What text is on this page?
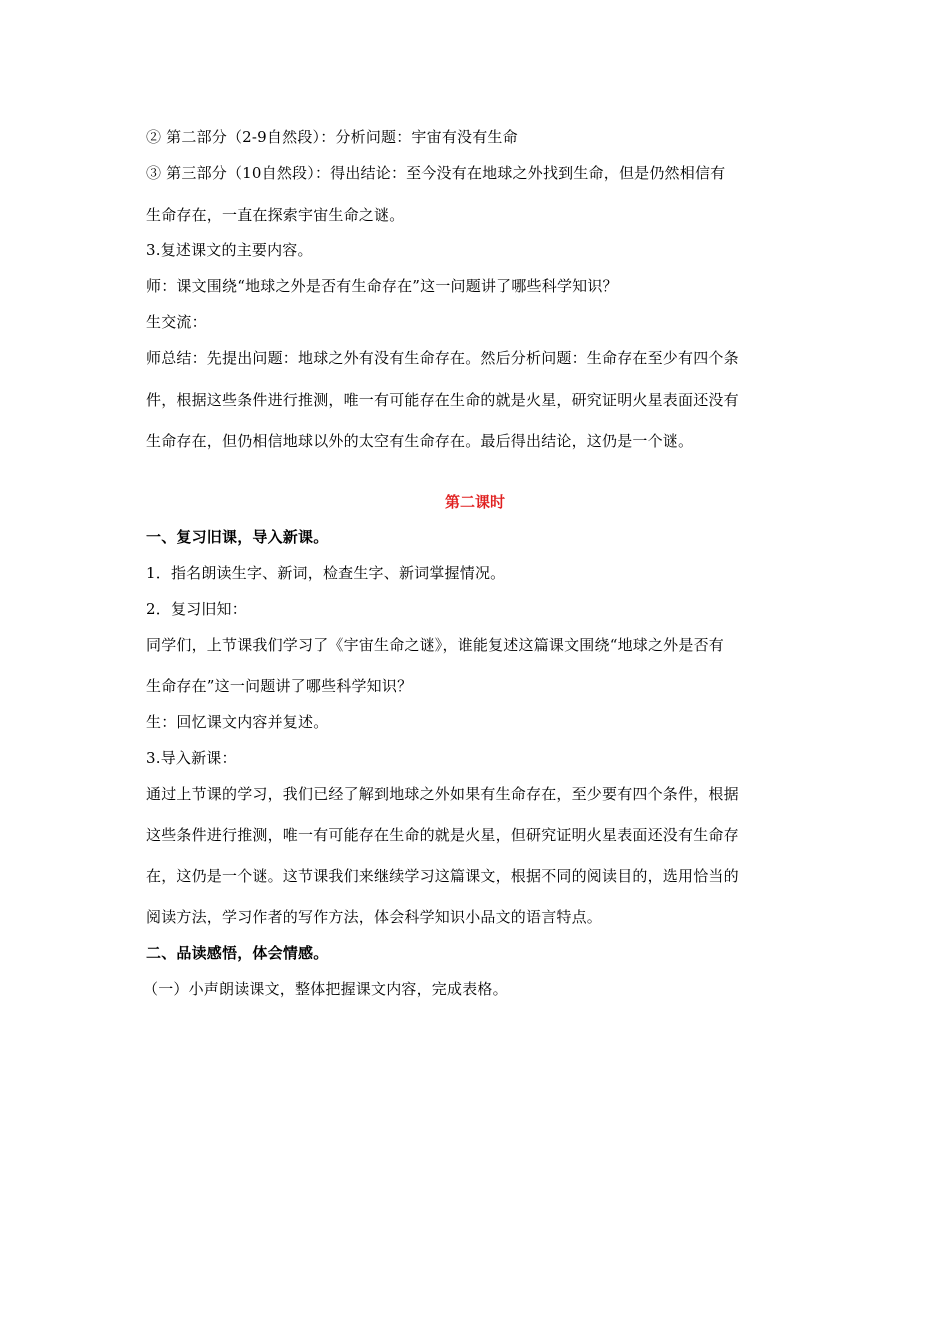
② 第二部分（2-9自然段）：分析问题：宇宙有没有生命
③ 第三部分（10自然段）：得出结论：至今没有在地球之外找到生命，但是仍然相信有
生命存在，一直在探索宇宙生命之谜。
3.复述课文的主要内容。
师：课文围绕“地球之外是否有生命存在”这一问题讲了哪些科学知识？
生交流：
师总结：先提出问题：地球之外有没有生命存在。然后分析问题：生命存在至少有四个条
件，根据这些条件进行推测，唯一有可能存在生命的就是火星，研究证明火星表面还没有
生命存在，但仍相信地球以外的太空有生命存在。最后得出结论，这仍是一个谜。
第二课时
一、复习旧课，导入新课。
1．指名朗读生字、新词，检查生字、新词掌握情况。
2．复习旧知：
同学们，上节课我们学习了《宇宙生命之谜》，谁能复述这篇课文围绕“地球之外是否有
生命存在”这一问题讲了哪些科学知识？
生：回忆课文内容并复述。
3.导入新课：
通过上节课的学习，我们已经了解到地球之外如果有生命存在，至少要有四个条件，根据
这些条件进行推测，唯一有可能存在生命的就是火星，但研究证明火星表面还没有生命存
在，这仍是一个谜。这节课我们来继续学习这篇课文，根据不同的阅读目的，选用恰当的
阅读方法，学习作者的写作方法，体会科学知识小品文的语言特点。
二、品读感悟，体会情感。
（一）小声朗读课文，整体把握课文内容，完成表格。
